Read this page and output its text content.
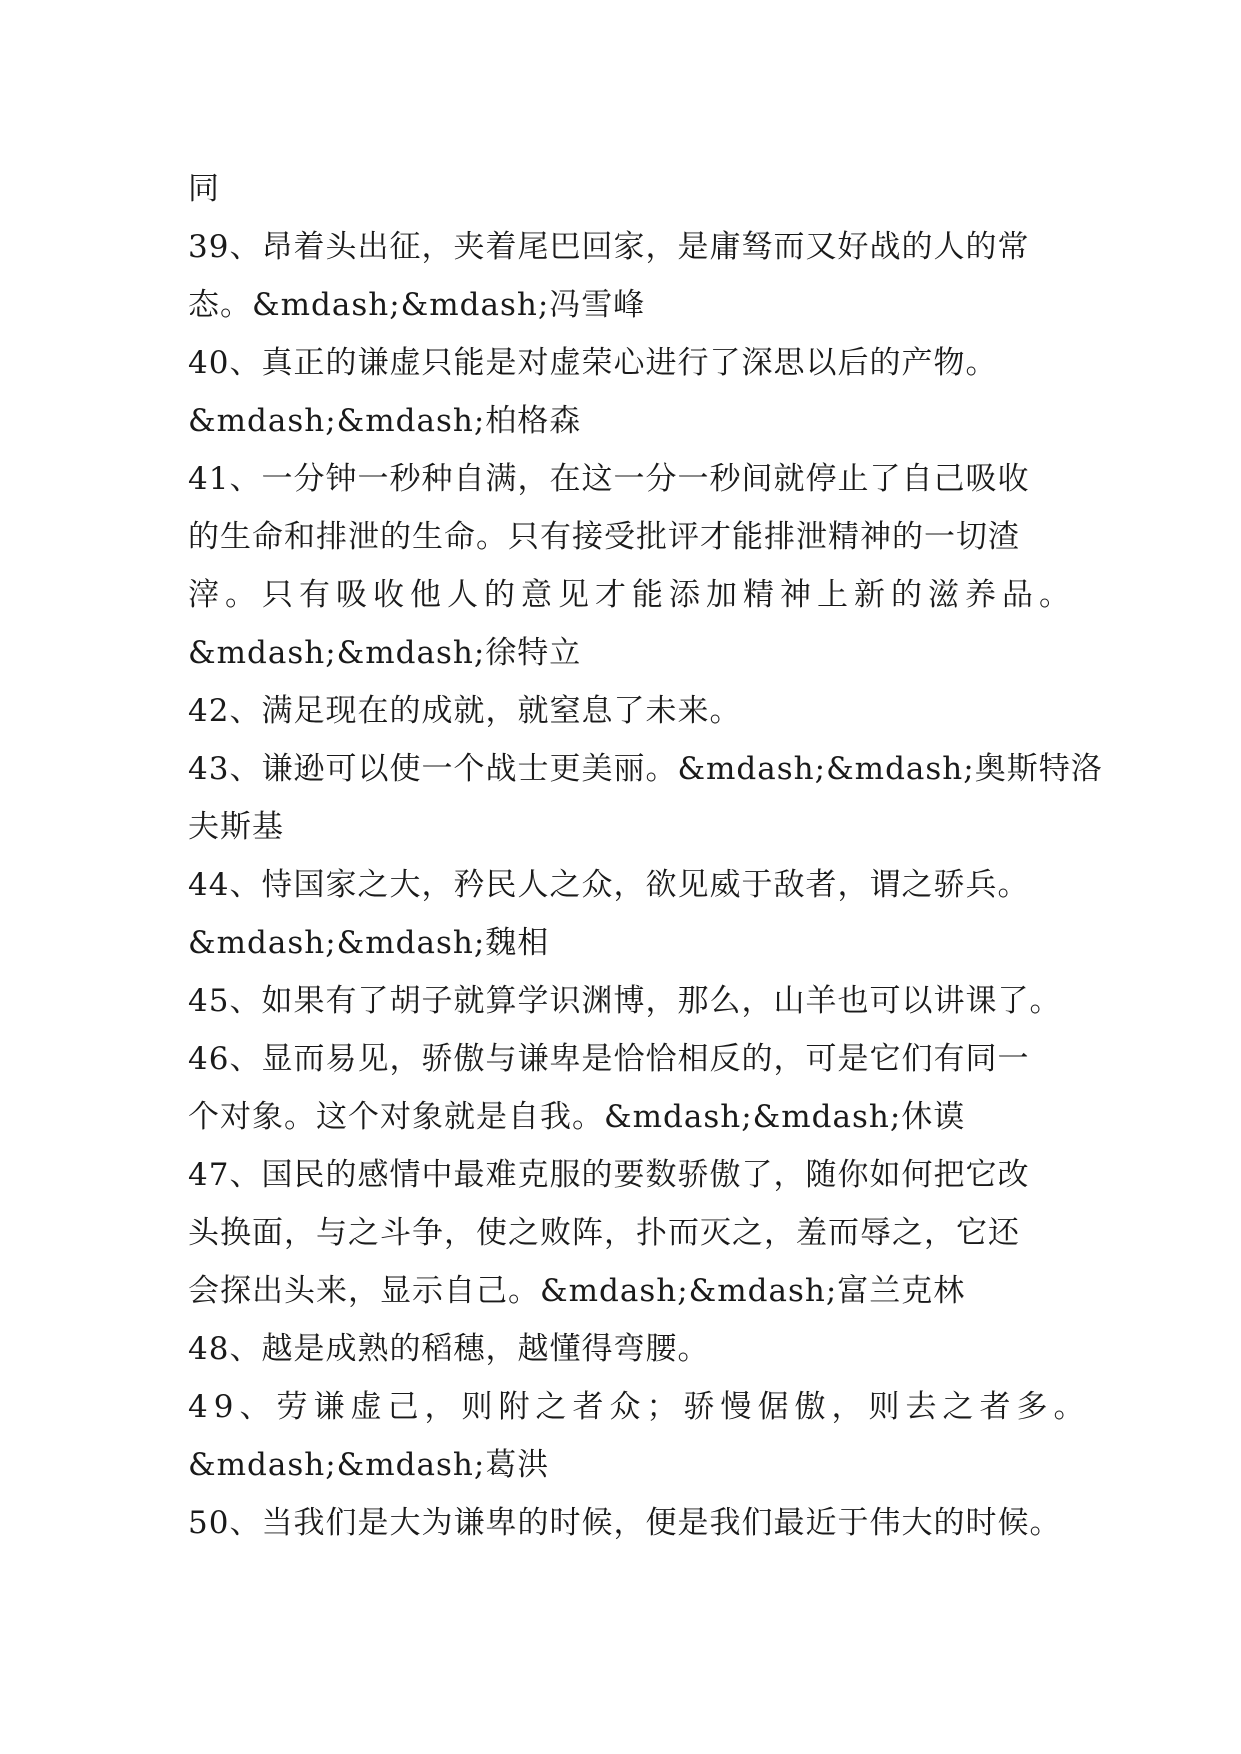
同
39、昂着头出征，夹着尾巴回家，是庸驽而又好战的人的常
态。&mdash;&mdash;冯雪峰
40、真正的谦虚只能是对虚荣心进行了深思以后的产物。
&mdash;&mdash;柏格森
41、一分钟一秒种自满，在这一分一秒间就停止了自己吸收
的生命和排泄的生命。只有接受批评才能排泄精神的一切渣
滓。只有吸收他人的意见才能添加精神上新的滋养品。
&mdash;&mdash;徐特立
42、满足现在的成就，就窒息了未来。
43、谦逊可以使一个战士更美丽。&mdash;&mdash;奥斯特洛
夫斯基
44、恃国家之大，矜民人之众，欲见威于敌者，谓之骄兵。
&mdash;&mdash;魏相
45、如果有了胡子就算学识渊博，那么，山羊也可以讲课了。
46、显而易见，骄傲与谦卑是恰恰相反的，可是它们有同一
个对象。这个对象就是自我。&mdash;&mdash;休谟
47、国民的感情中最难克服的要数骄傲了，随你如何把它改
头换面，与之斗争，使之败阵，扑而灭之，羞而辱之，它还
会探出头来，显示自己。&mdash;&mdash;富兰克林
48、越是成熟的稻穗，越懂得弯腰。
49、劳谦虚己，则附之者众；骄慢倨傲，则去之者多。
&mdash;&mdash;葛洪
50、当我们是大为谦卑的时候，便是我们最近于伟大的时候。
